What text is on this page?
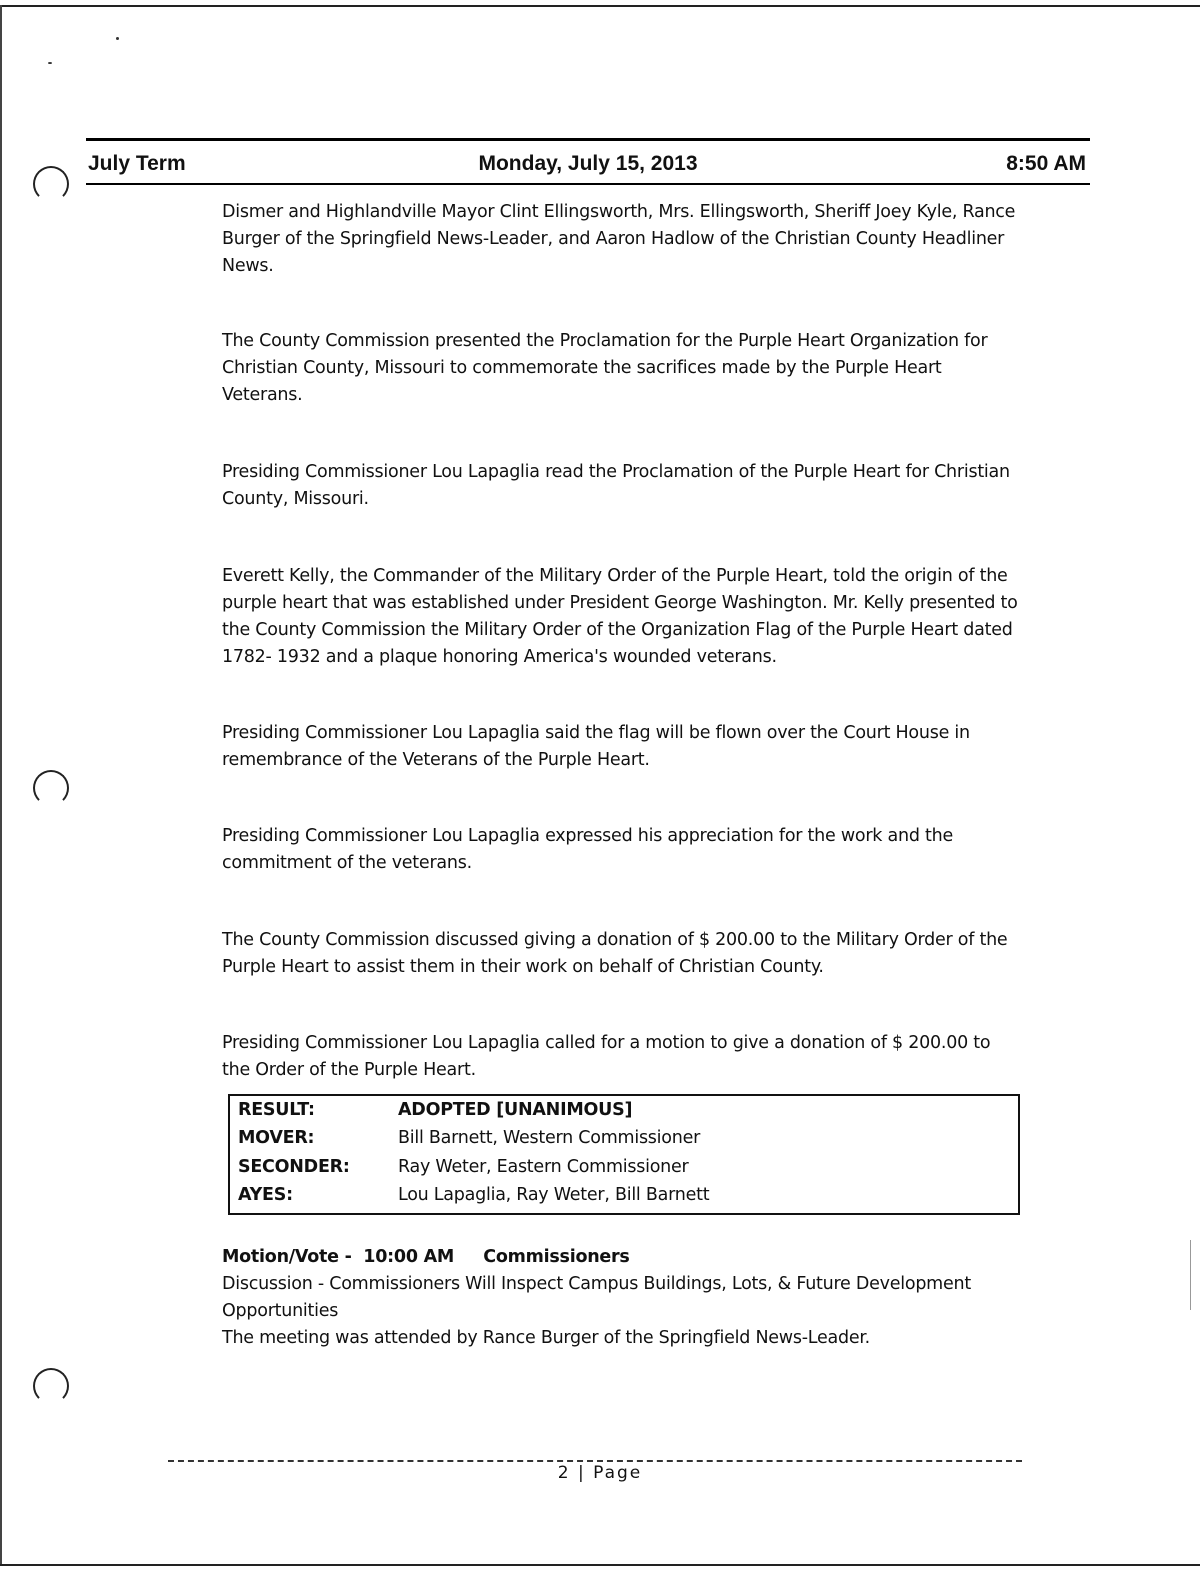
July Term	Monday, July 15, 2013	8:50 AM

Dismer and Highlandville Mayor Clint Ellingsworth, Mrs. Ellingsworth, Sheriff Joey Kyle, Rance Burger of the Springfield News-Leader, and Aaron Hadlow of the Christian County Headliner News.

The County Commission presented the Proclamation for the Purple Heart Organization for Christian County, Missouri to commemorate the sacrifices made by the Purple Heart Veterans.

Presiding Commissioner Lou Lapaglia read the Proclamation of the Purple Heart for Christian County, Missouri.

Everett Kelly, the Commander of the Military Order of the Purple Heart, told the origin of the purple heart that was established under President George Washington. Mr. Kelly presented to the County Commission the Military Order of the Organization Flag of the Purple Heart dated 1782- 1932 and a plaque honoring America's wounded veterans.

Presiding Commissioner Lou Lapaglia said the flag will be flown over the Court House in remembrance of the Veterans of the Purple Heart.

Presiding Commissioner Lou Lapaglia expressed his appreciation for the work and the commitment of the veterans.

The County Commission discussed giving a donation of $ 200.00 to the Military Order of the Purple Heart to assist them in their work on behalf of Christian County.

Presiding Commissioner Lou Lapaglia called for a motion to give a donation of $ 200.00 to the Order of the Purple Heart.

RESULT:	ADOPTED [UNANIMOUS]
MOVER:	Bill Barnett, Western Commissioner
SECONDER:	Ray Weter, Eastern Commissioner
AYES:	Lou Lapaglia, Ray Weter, Bill Barnett

Motion/Vote -  10:00 AM     Commissioners

Discussion - Commissioners Will Inspect Campus Buildings, Lots, & Future Development Opportunities

The meeting was attended by Rance Burger of the Springfield News-Leader.

2 | Page
